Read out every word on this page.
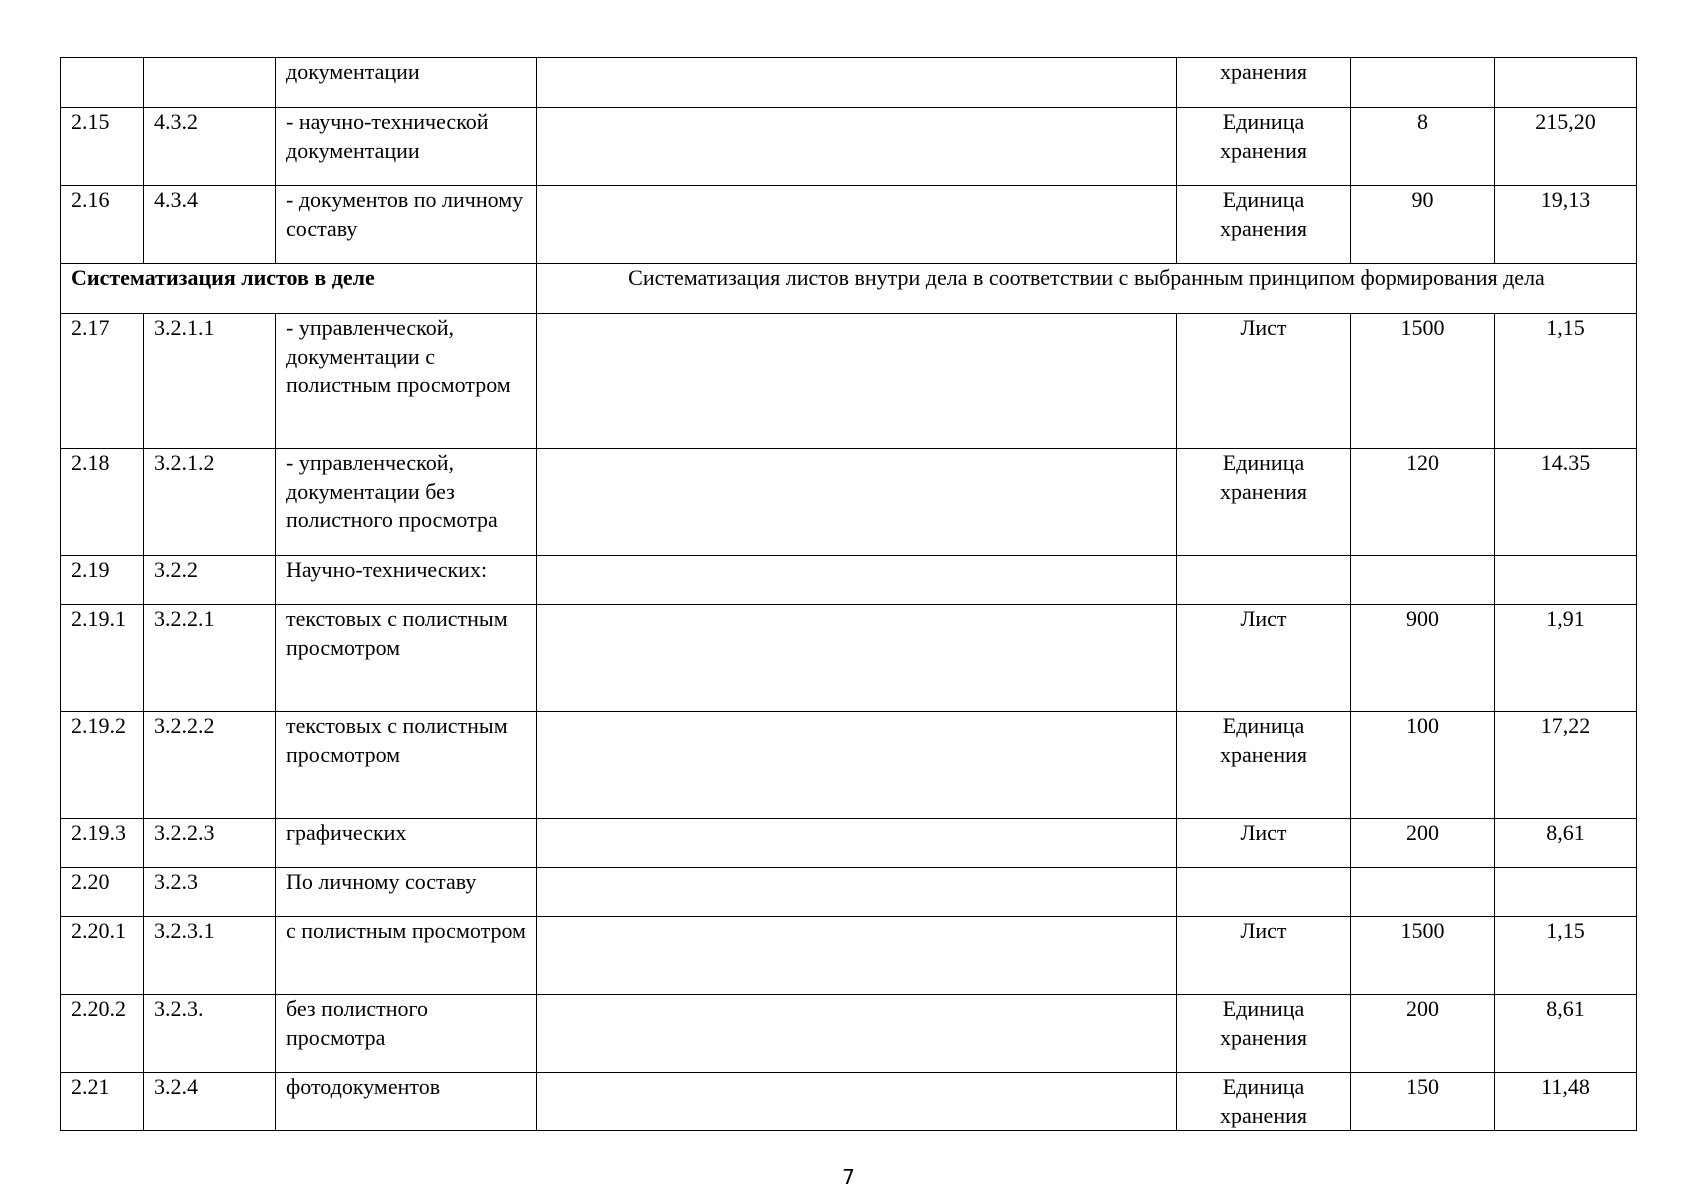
		документации		хранения		
2.15	4.3.2	- научно-технической документации		Единица хранения	8	215,20
2.16	4.3.4	- документов по личному составу		Единица хранения	90	19,13
Систематизация листов в деле			Систематизация листов внутри дела в соответствии с выбранным принципом формирования дела			
2.17	3.2.1.1	- управленческой, документации с полистным просмотром		Лист	1500	1,15
2.18	3.2.1.2	- управленческой, документации без полистного просмотра		Единица хранения	120	14.35
2.19	3.2.2	Научно-технических:				
2.19.1	3.2.2.1	текстовых с полистным просмотром		Лист	900	1,91
2.19.2	3.2.2.2	текстовых с полистным просмотром		Единица хранения	100	17,22
2.19.3	3.2.2.3	графических		Лист	200	8,61
2.20	3.2.3	По личному составу				
2.20.1	3.2.3.1	с полистным просмотром		Лист	1500	1,15
2.20.2	3.2.3.	без полистного просмотра		Единица хранения	200	8,61
2.21	3.2.4	фотодокументов		Единица хранения	150	11,48
7
